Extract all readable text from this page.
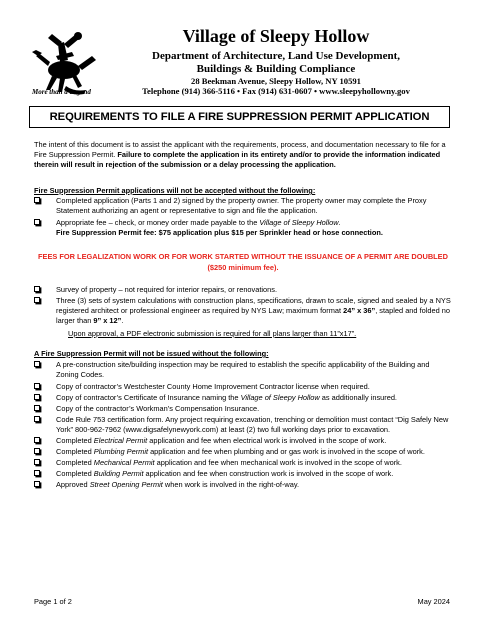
More than a Legend
Village of Sleepy Hollow
Department of Architecture, Land Use Development,
Buildings & Building Compliance
28 Beekman Avenue, Sleepy Hollow, NY 10591
Telephone (914) 366-5116 • Fax (914) 631-0607 • www.sleepyhollowny.gov
REQUIREMENTS TO FILE A FIRE SUPPRESSION PERMIT APPLICATION
The intent of this document is to assist the applicant with the requirements, process, and documentation necessary to file for a Fire Suppression Permit. Failure to complete the application in its entirety and/or to provide the information indicated therein will result in rejection of the submission or a delay processing the application.
Fire Suppression Permit applications will not be accepted without the following:
Completed application (Parts 1 and 2) signed by the property owner. The property owner may complete the Proxy Statement authorizing an agent or representative to sign and file the application.
Appropriate fee – check, or money order made payable to the Village of Sleepy Hollow.
Fire Suppression Permit fee: $75 application plus $15 per Sprinkler head or hose connection.
FEES FOR LEGALIZATION WORK OR FOR WORK STARTED WITHOUT THE ISSUANCE OF A PERMIT ARE DOUBLED ($250 minimum fee).
Survey of property – not required for interior repairs, or renovations.
Three (3) sets of system calculations with construction plans, specifications, drawn to scale, signed and sealed by a NYS registered architect or professional engineer as required by NYS Law; maximum format 24” x 36”, stapled and folded no larger than 9” x 12”.
Upon approval, a PDF electronic submission is required for all plans larger than 11”x17”.
A Fire Suppression Permit will not be issued without the following:
A pre-construction site/building inspection may be required to establish the specific applicability of the Building and Zoning Codes.
Copy of contractor’s Westchester County Home Improvement Contractor license when required.
Copy of contractor’s Certificate of Insurance naming the Village of Sleepy Hollow as additionally insured.
Copy of the contractor’s Workman’s Compensation Insurance.
Code Rule 753 certification form. Any project requiring excavation, trenching or demolition must contact “Dig Safely New York” 800-962-7962 (www.digsafelynewyork.com) at least (2) two full working days prior to excavation.
Completed Electrical Permit application and fee when electrical work is involved in the scope of work.
Completed Plumbing Permit application and fee when plumbing and or gas work is involved in the scope of work.
Completed Mechanical Permit application and fee when mechanical work is involved in the scope of work.
Completed Building Permit application and fee when construction work is involved in the scope of work.
Approved Street Opening Permit when work is involved in the right-of-way.
Page 1 of 2	May 2024
